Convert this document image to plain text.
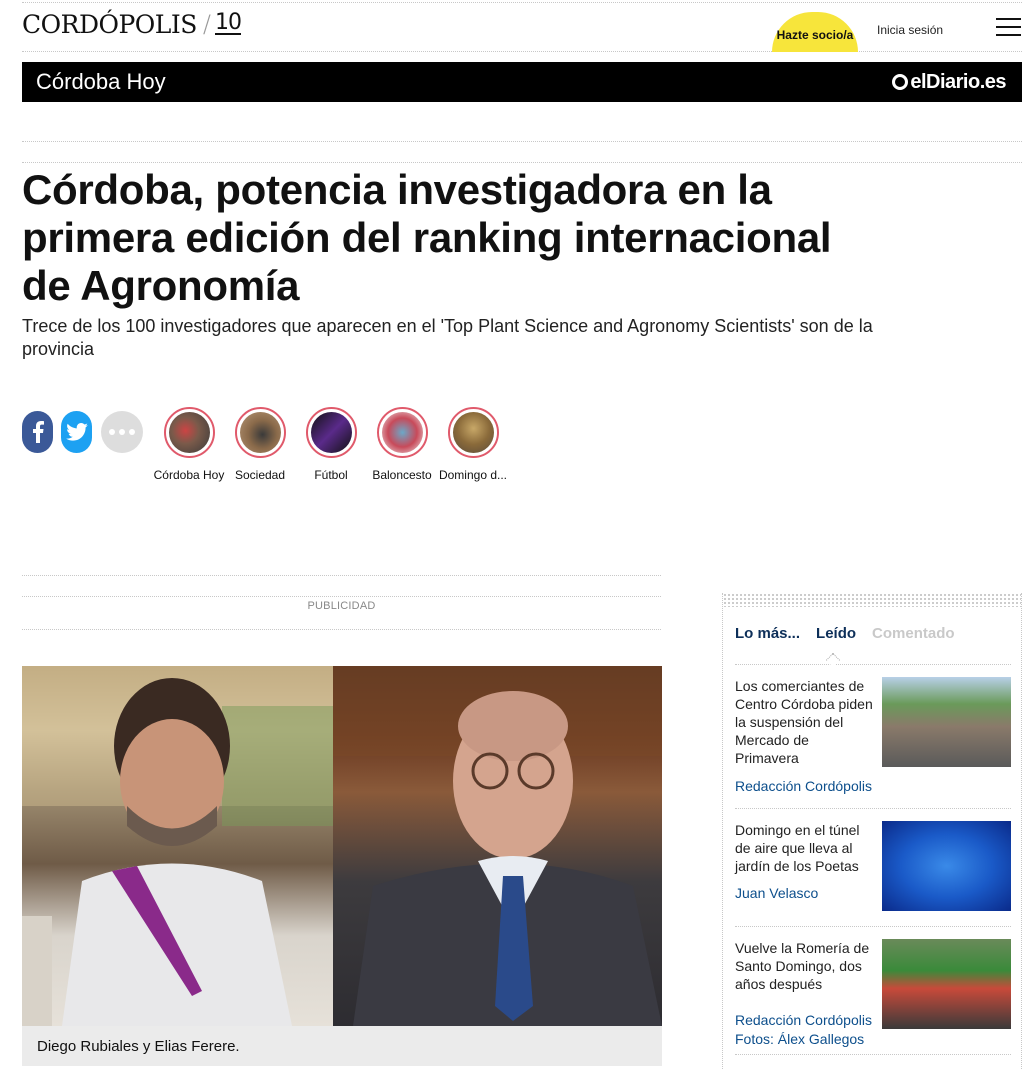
CORDÓPOLIS / 10	Hazte socio/a	Inicia sesión
Córdoba Hoy	elDiario.es
Córdoba, potencia investigadora en la primera edición del ranking internacional de Agronomía

Trece de los 100 investigadores que aparecen en el 'Top Plant Science and Agronomy Scientists' son de la provincia

Córdoba Hoy Sociedad	Fútbol	Baloncesto Domingo d...
PUBLICIDAD
Diego Rubiales y Elias Ferere.
Lo más... Leído Comentado
Los comerciantes de Centro Córdoba piden la suspensión del Mercado de Primavera
Redacción Cordópolis
Domingo en el túnel de aire que lleva al jardín de los Poetas
Juan Velasco
Vuelve la Romería de Santo Domingo, dos años después
Redacción Cordópolis
Fotos: Álex Gallegos
